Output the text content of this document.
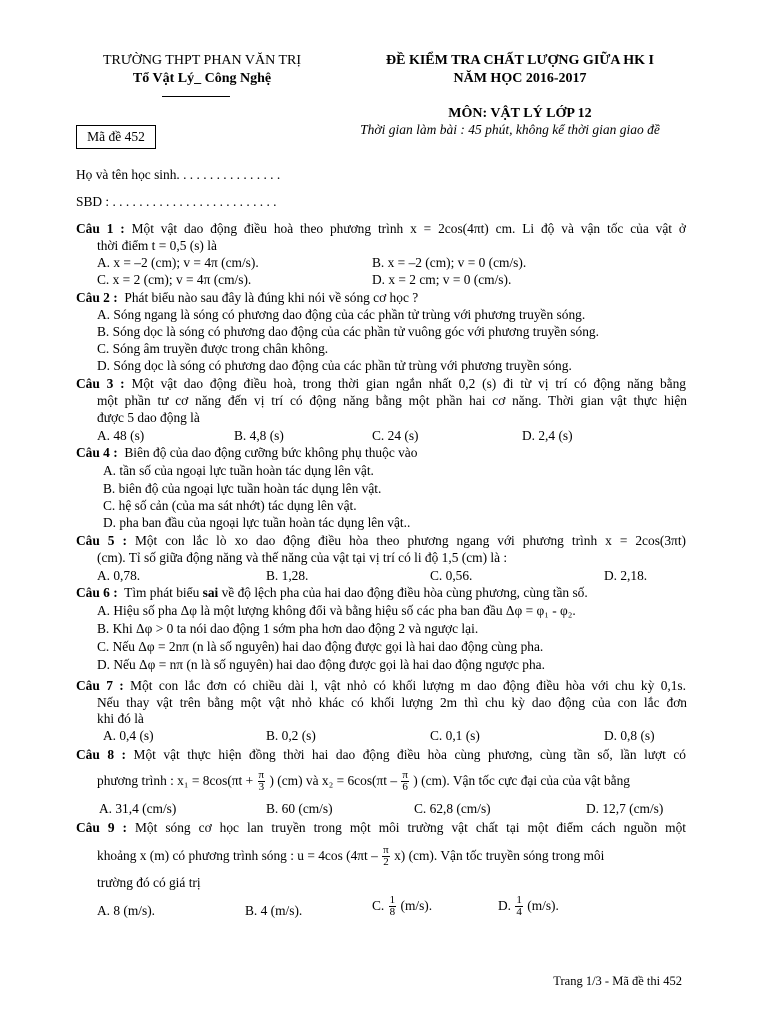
TRƯỜNG THPT PHAN VĂN TRỊ
Tổ Vật Lý_ Công Nghệ
ĐỀ KIỂM TRA CHẤT LƯỢNG GIỮA HK I
NĂM HỌC 2016-2017
MÔN: VẬT LÝ LỚP 12
Thời gian làm bài : 45 phút, không kể thời gian giao đề
Mã đề 452
Họ và tên học sinh. . . . . . . . . . . . . . . .
SBD : . . . . . . . . . . . . . . . . . . . . . . . . .
Câu 1 : Một vật dao động điều hoà theo phương trình x = 2cos(4πt) cm. Li độ và vận tốc của vật ở
thời điểm t = 0,5 (s) là
A. x = –2 (cm); v = 4π (cm/s).	B. x = –2 (cm); v = 0 (cm/s).
C. x = 2 (cm); v = 4π (cm/s).	D. x = 2 cm; v = 0 (cm/s).
Câu 2 : Phát biểu nào sau đây là đúng khi nói về sóng cơ học ?
A. Sóng ngang là sóng có phương dao động của các phần tử trùng với phương truyền sóng.
B. Sóng dọc là sóng có phương dao động của các phần tử vuông góc với phương truyền sóng.
C. Sóng âm truyền được trong chân không.
D. Sóng dọc là sóng có phương dao động của các phần tử trùng với phương truyền sóng.
Câu 3 : Một vật dao động điều hoà, trong thời gian ngắn nhất 0,2 (s) đi từ vị trí có động năng bằng
một phần tư cơ năng đến vị trí có động năng bằng một phần hai cơ năng. Thời gian vật thực hiện
được 5 dao động là
A. 48 (s)	B. 4,8 (s)	C. 24 (s)	D. 2,4 (s)
Câu 4 : Biên độ của dao động cưỡng bức không phụ thuộc vào
A. tần số của ngoại lực tuần hoàn tác dụng lên vật.
B. biên độ của ngoại lực tuần hoàn tác dụng lên vật.
C. hệ số cản (của ma sát nhớt) tác dụng lên vật.
D. pha ban đầu của ngoại lực tuần hoàn tác dụng lên vật..
Câu 5 : Một con lắc lò xo dao động điều hòa theo phương ngang với phương trình x = 2cos(3πt)
(cm). Tỉ số giữa động năng và thế năng của vật tại vị trí có li độ 1,5 (cm) là :
A. 0,78.	B. 1,28.	C. 0,56.	D. 2,18.
Câu 6 : Tìm phát biểu sai về độ lệch pha của hai dao động điều hòa cùng phương, cùng tần số.
A. Hiệu số pha Δφ là một lượng không đổi và bằng hiệu số các pha ban đầu Δφ = φ₁ - φ₂.
B. Khi Δφ > 0 ta nói dao động 1 sớm pha hơn dao động 2 và ngược lại.
C. Nếu Δφ = 2nπ (n là số nguyên) hai dao động được gọi là hai dao động cùng pha.
D. Nếu Δφ = nπ (n là số nguyên) hai dao động được gọi là hai dao động ngược pha.
Câu 7 : Một con lắc đơn có chiều dài l, vật nhỏ có khối lượng m dao động điều hòa với chu kỳ 0,1s.
Nếu thay vật trên bằng một vật nhỏ khác có khối lượng 2m thì chu kỳ dao động của con lắc đơn
khi đó là
A. 0,4 (s)	B. 0,2 (s)	C. 0,1 (s)	D. 0,8 (s)
Câu 8 : Một vật thực hiện đồng thời hai dao động điều hòa cùng phương, cùng tần số, lần lượt có
phương trình : $x_1 = 8\cos(\pi t + \frac{\pi}{3}$ ) (cm) và $x_2 = 6\cos(\pi t - \frac{\pi}{6}$ ) (cm). Vận tốc cực đại của của vật bằng
A. 31,4 (cm/s)	B. 60 (cm/s)	C. 62,8 (cm/s)	D. 12,7 (cm/s)
Câu 9 : Một sóng cơ học lan truyền trong một môi trường vật chất tại một điểm cách nguồn một
khoảng x (m) có phương trình sóng : u = 4cos $(4\pi t - \frac{\pi}{2} x)$ (cm). Vận tốc truyền sóng trong môi
trường đó có giá trị
A. 8 (m/s).	B. 4 (m/s).	C. $\frac{1}{8} (m/s)$.	D. $\frac{1}{4} (m/s)$.
Trang 1/3 - Mã đề thi 452
